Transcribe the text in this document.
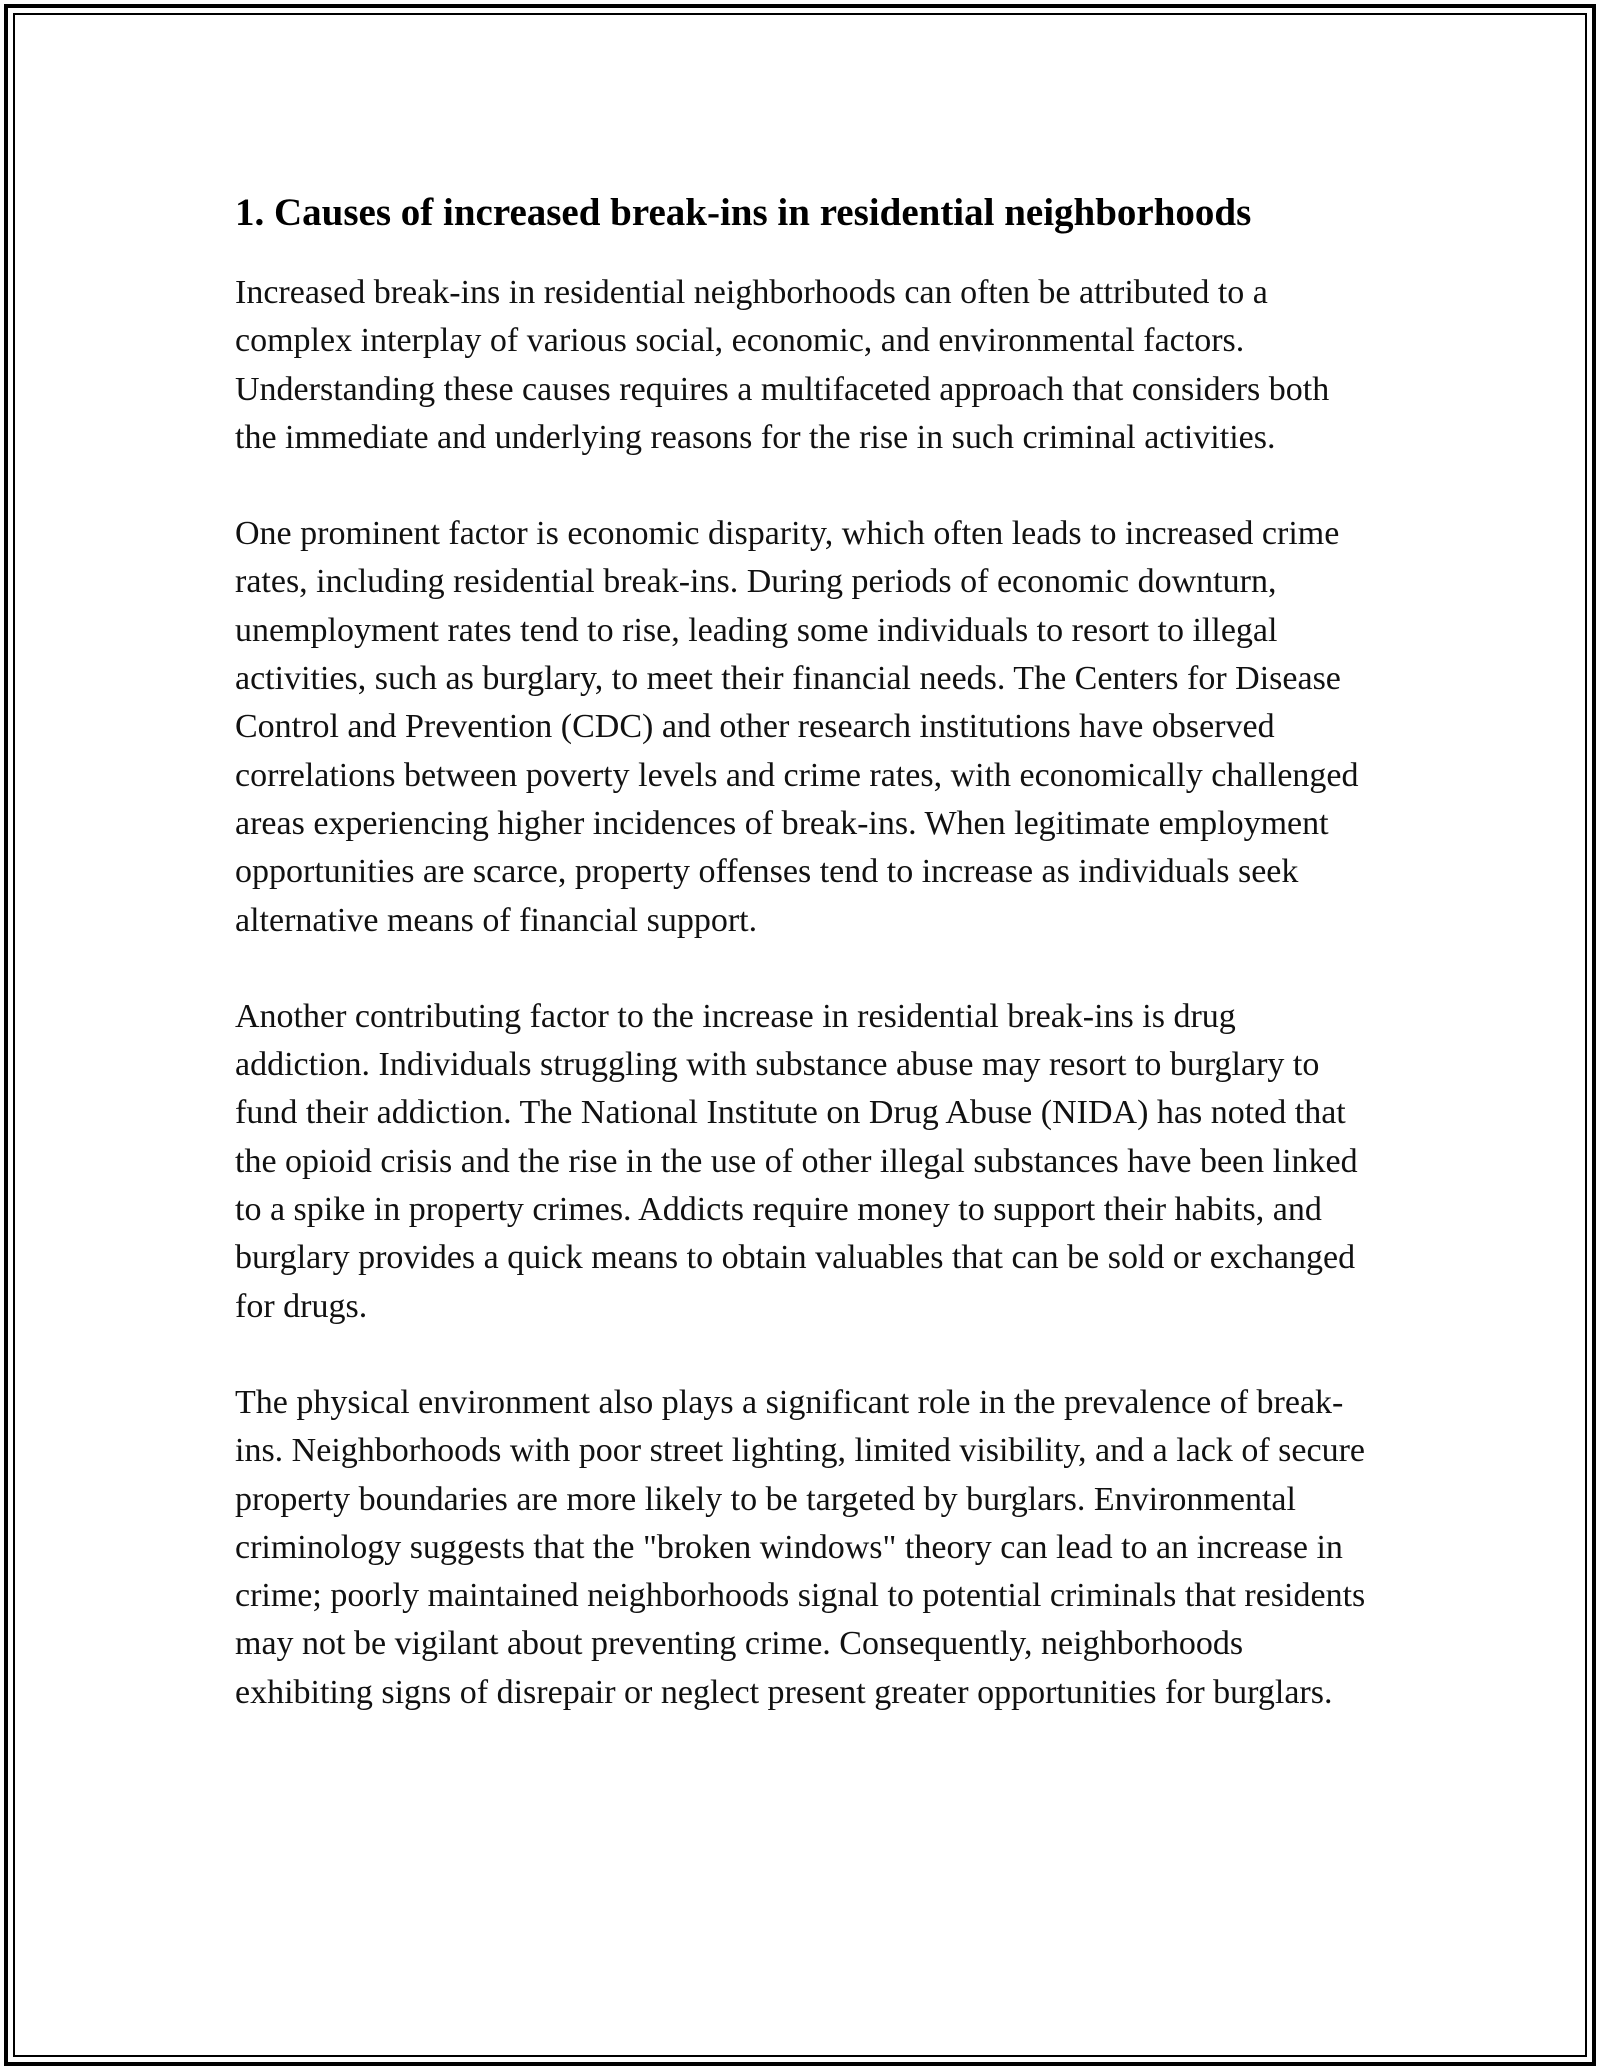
1. Causes of increased break-ins in residential neighborhoods

Increased break-ins in residential neighborhoods can often be attributed to a complex interplay of various social, economic, and environmental factors. Understanding these causes requires a multifaceted approach that considers both the immediate and underlying reasons for the rise in such criminal activities.

One prominent factor is economic disparity, which often leads to increased crime rates, including residential break-ins. During periods of economic downturn, unemployment rates tend to rise, leading some individuals to resort to illegal activities, such as burglary, to meet their financial needs. The Centers for Disease Control and Prevention (CDC) and other research institutions have observed correlations between poverty levels and crime rates, with economically challenged areas experiencing higher incidences of break-ins. When legitimate employment opportunities are scarce, property offenses tend to increase as individuals seek alternative means of financial support.

Another contributing factor to the increase in residential break-ins is drug addiction. Individuals struggling with substance abuse may resort to burglary to fund their addiction. The National Institute on Drug Abuse (NIDA) has noted that the opioid crisis and the rise in the use of other illegal substances have been linked to a spike in property crimes. Addicts require money to support their habits, and burglary provides a quick means to obtain valuables that can be sold or exchanged for drugs.

The physical environment also plays a significant role in the prevalence of break-ins. Neighborhoods with poor street lighting, limited visibility, and a lack of secure property boundaries are more likely to be targeted by burglars. Environmental criminology suggests that the "broken windows" theory can lead to an increase in crime; poorly maintained neighborhoods signal to potential criminals that residents may not be vigilant about preventing crime. Consequently, neighborhoods exhibiting signs of disrepair or neglect present greater opportunities for burglars.
